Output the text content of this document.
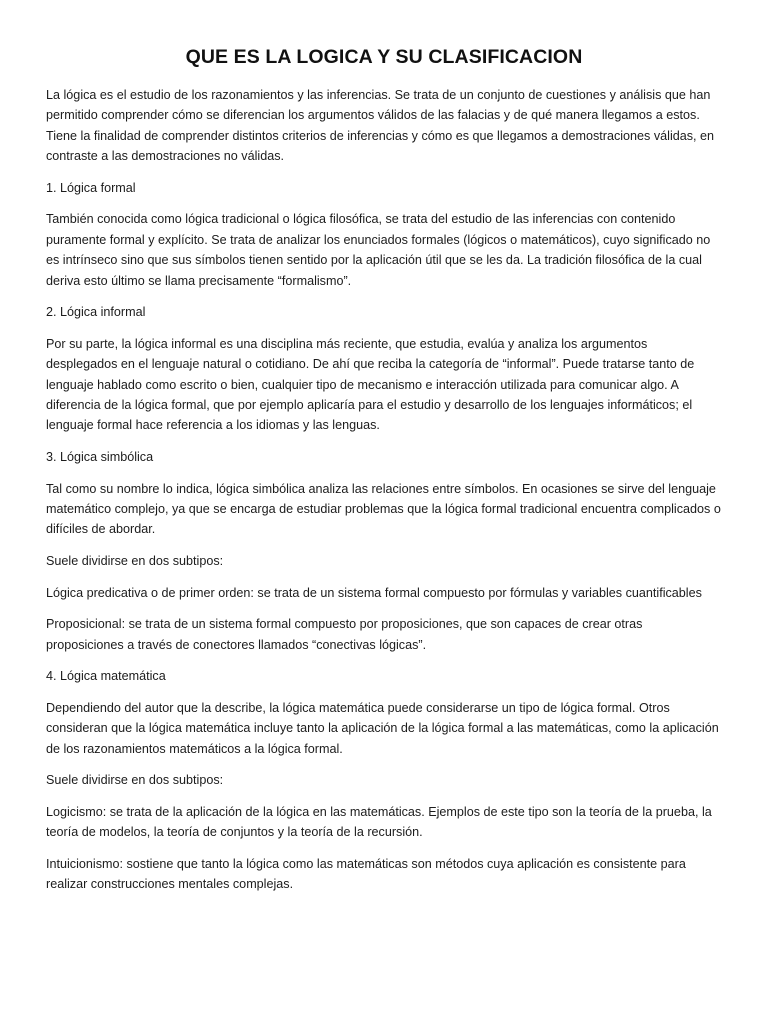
QUE ES LA LOGICA Y SU CLASIFICACION

La lógica es el estudio de los razonamientos y las inferencias. Se trata de un conjunto de cuestiones y análisis que han permitido comprender cómo se diferencian los argumentos válidos de las falacias y de qué manera llegamos a estos. Tiene la finalidad de comprender distintos criterios de inferencias y cómo es que llegamos a demostraciones válidas, en contraste a las demostraciones no válidas.

1. Lógica formal

También conocida como lógica tradicional o lógica filosófica, se trata del estudio de las inferencias con contenido puramente formal y explícito. Se trata de analizar los enunciados formales (lógicos o matemáticos), cuyo significado no es intrínseco sino que sus símbolos tienen sentido por la aplicación útil que se les da. La tradición filosófica de la cual deriva esto último se llama precisamente “formalismo”.

2. Lógica informal

Por su parte, la lógica informal es una disciplina más reciente, que estudia, evalúa y analiza los argumentos desplegados en el lenguaje natural o cotidiano. De ahí que reciba la categoría de “informal”. Puede tratarse tanto de lenguaje hablado como escrito o bien, cualquier tipo de mecanismo e interacción utilizada para comunicar algo. A diferencia de la lógica formal, que por ejemplo aplicaría para el estudio y desarrollo de los lenguajes informáticos; el lenguaje formal hace referencia a los idiomas y las lenguas.

3. Lógica simbólica

Tal como su nombre lo indica, lógica simbólica analiza las relaciones entre símbolos. En ocasiones se sirve del lenguaje matemático complejo, ya que se encarga de estudiar problemas que la lógica formal tradicional encuentra complicados o difíciles de abordar.

Suele dividirse en dos subtipos:

Lógica predicativa o de primer orden: se trata de un sistema formal compuesto por fórmulas y variables cuantificables

Proposicional: se trata de un sistema formal compuesto por proposiciones, que son capaces de crear otras proposiciones a través de conectores llamados “conectivas lógicas”.

4. Lógica matemática

Dependiendo del autor que la describe, la lógica matemática puede considerarse un tipo de lógica formal. Otros consideran que la lógica matemática incluye tanto la aplicación de la lógica formal a las matemáticas, como la aplicación de los razonamientos matemáticos a la lógica formal.

Suele dividirse en dos subtipos:

Logicismo: se trata de la aplicación de la lógica en las matemáticas. Ejemplos de este tipo son la teoría de la prueba, la teoría de modelos, la teoría de conjuntos y la teoría de la recursión.

Intuicionismo: sostiene que tanto la lógica como las matemáticas son métodos cuya aplicación es consistente para realizar construcciones mentales complejas.
